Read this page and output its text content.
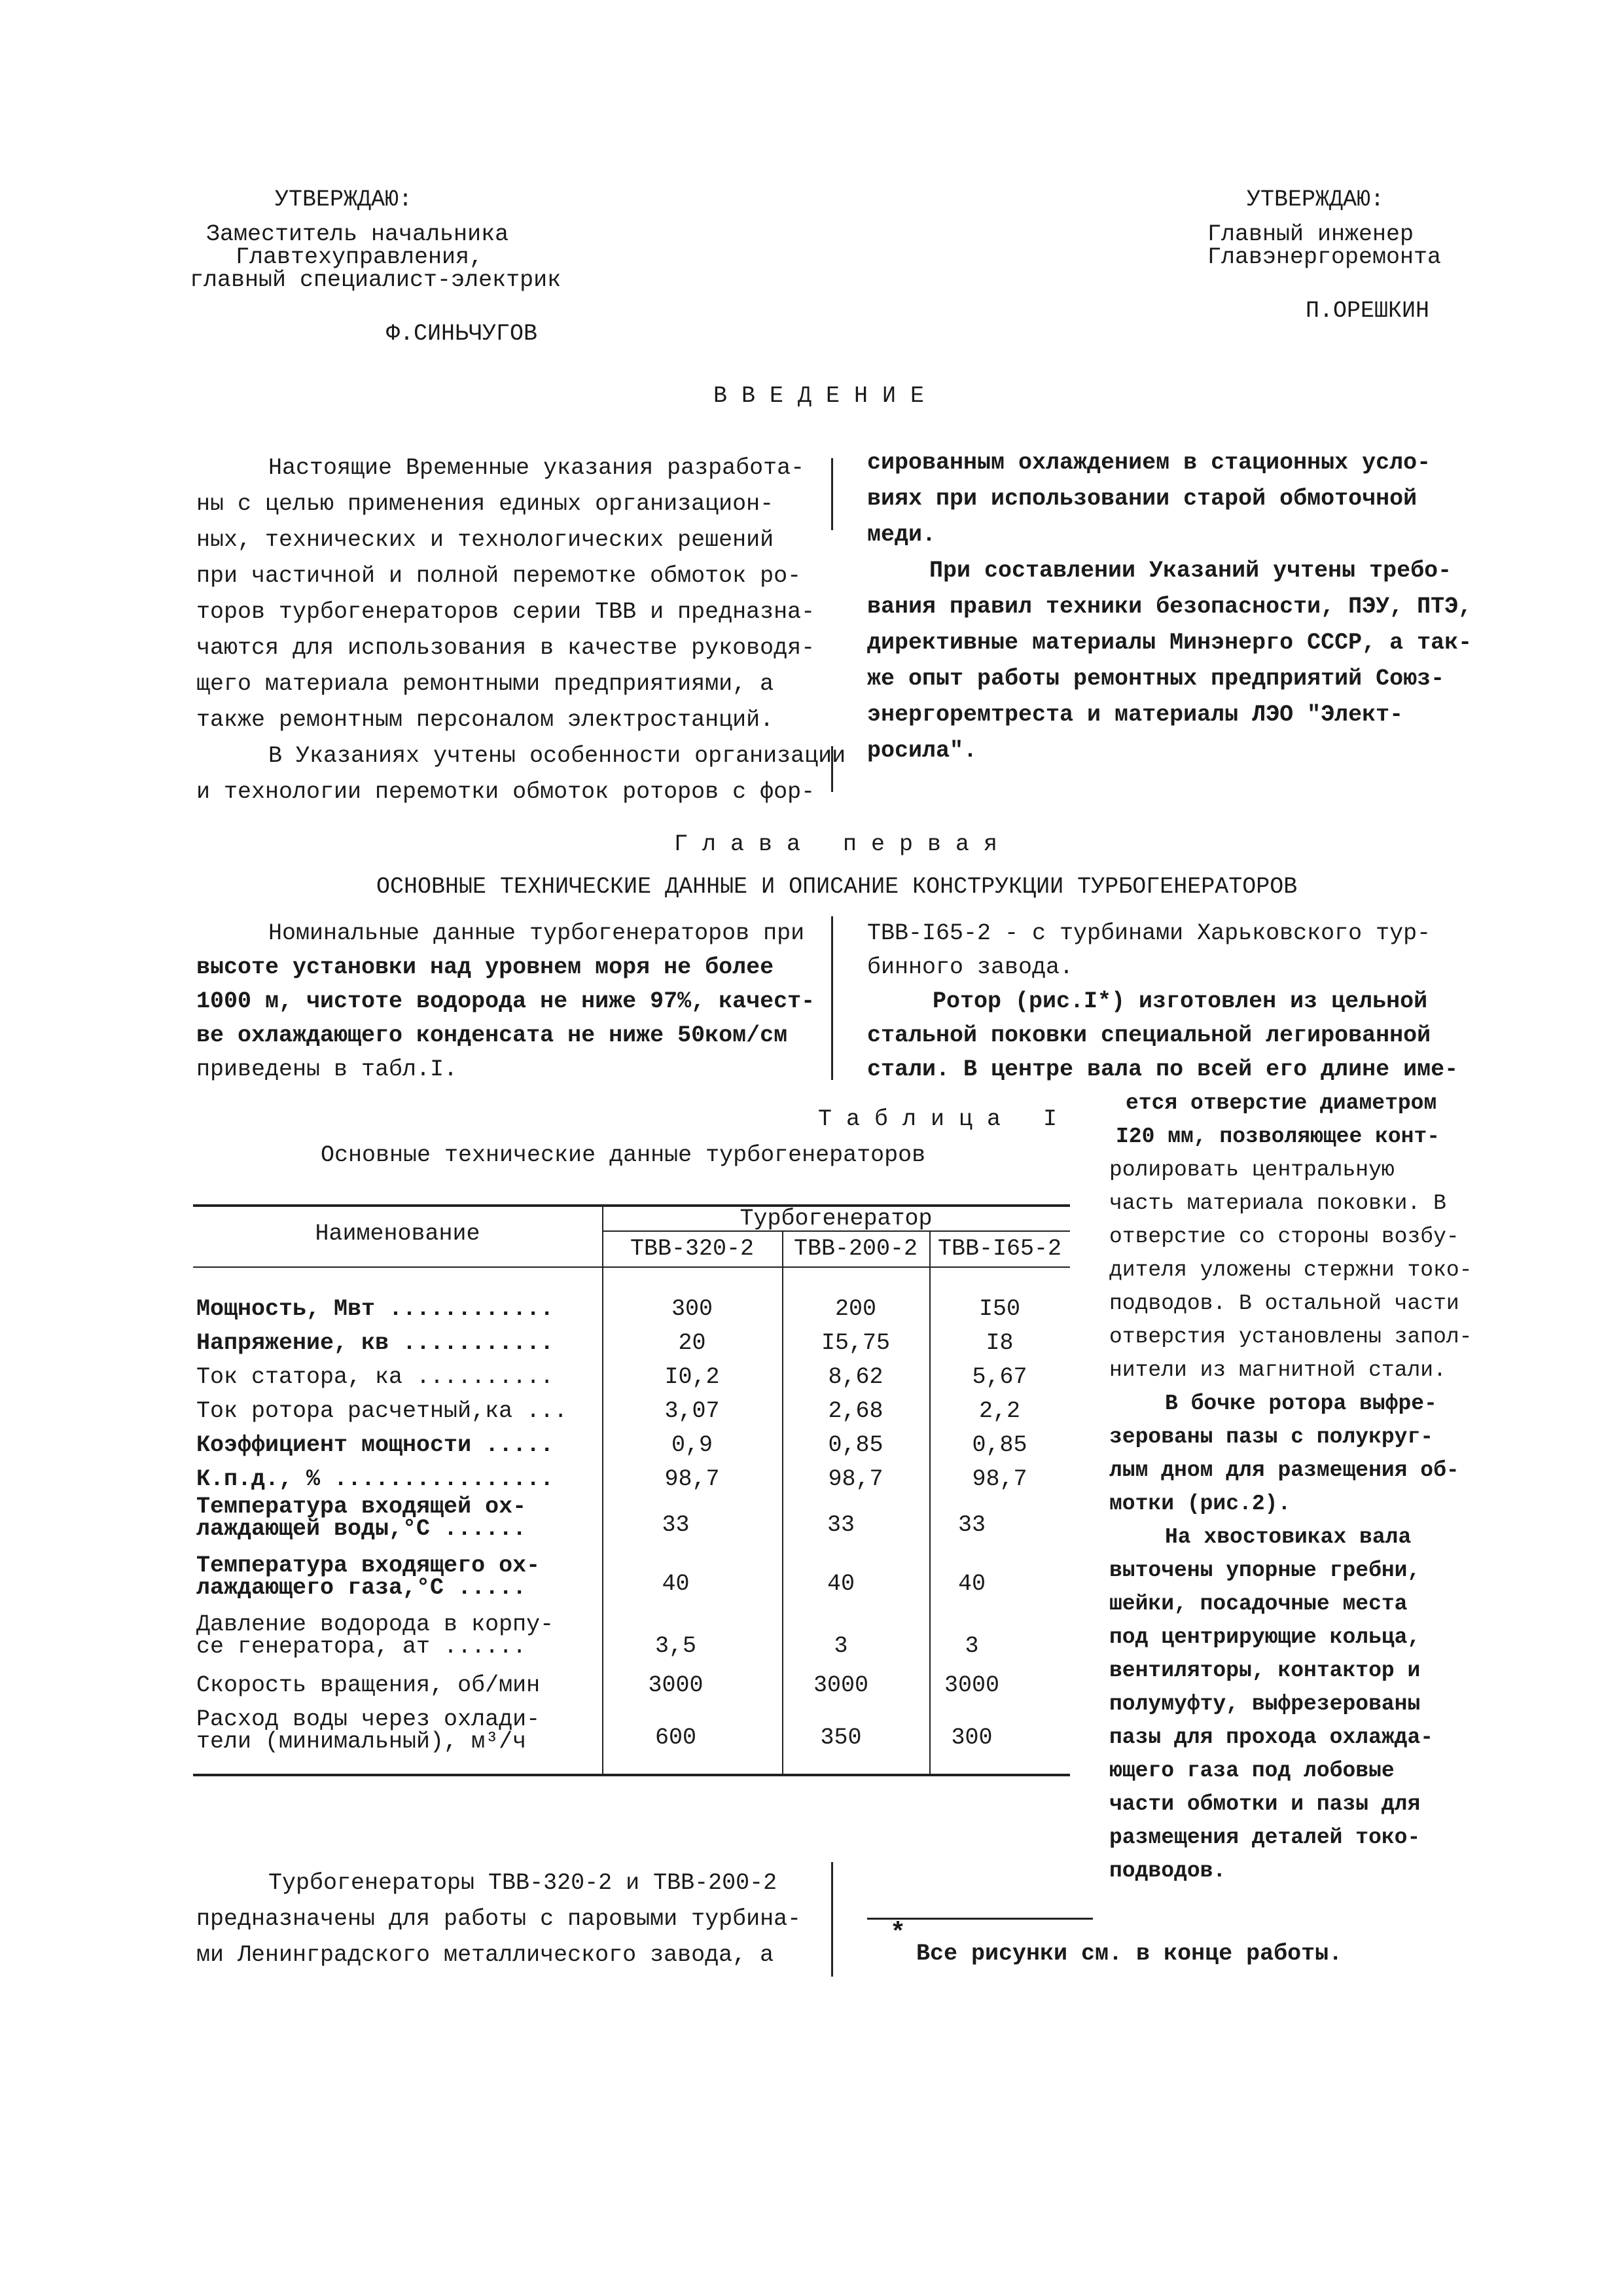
УТВЕРЖДАЮ:
Заместитель начальника
Главтехуправления,
главный специалист-электрик
Ф.СИНЬЧУГОВ
УТВЕРЖДАЮ:
Главный инженер
Главэнергоремонта
П.ОРЕШКИН
ВВЕДЕНИЕ
Настоящие Временные указания разработа-
ны с целью применения единых организацион-
ных, технических и технологических решений
при частичной и полной перемотке обмоток ро-
торов турбогенераторов серии ТВВ и предназна-
чаются для использования в качестве руководя-
щего материала ремонтными предприятиями, а
также ремонтным персоналом электростанций.
В Указаниях учтены особенности организации
и технологии перемотки обмоток роторов с фор-
сированным охлаждением в стационных усло-
виях при использовании старой обмоточной
меди.
При составлении Указаний учтены требо-
вания правил техники безопасности, ПЭУ, ПТЭ,
директивные материалы Минэнерго СССР, а так-
же опыт работы ремонтных предприятий Союз-
энергоремтреста и материалы ЛЭО "Элект-
росила".
Глава первая
ОСНОВНЫЕ ТЕХНИЧЕСКИЕ ДАННЫЕ И ОПИСАНИЕ КОНСТРУКЦИИ ТУРБОГЕНЕРАТОРОВ
Номинальные данные турбогенераторов при
высоте установки над уровнем моря не более
1000 м, чистоте водорода не ниже 97%, качест-
ве охлаждающего конденсата не ниже 50ком/см
приведены в табл.I.
ТВВ-I65-2 - с турбинами Харьковского тур-
бинного завода.
Ротор (рис.I*) изготовлен из цельной
стальной поковки специальной легированной
стали. В центре вала по всей его длине име-
ется отверстие диаметром
I20 мм, позволяющее конт-
ролировать центральную
часть материала поковки. В
отверстие со стороны возбу-
дителя уложены стержни токо-
подводов. В остальной части
отверстия установлены запол-
нители из магнитной стали.
В бочке ротора выфре-
зерованы пазы с полукруг-
лым дном для размещения об-
мотки (рис.2).
На хвостовиках вала
выточены упорные гребни,
шейки, посадочные места
под центрирующие кольца,
вентиляторы, контактор и
полумуфту, выфрезерованы
пазы для прохода охлажда-
ющего газа под лобовые
части обмотки и пазы для
размещения деталей токо-
подводов.
Таблица I
Основные технические данные турбогенераторов
Наименование
Турбогенератор
ТВВ-320-2	ТВВ-200-2 ТВВ-I65-2
Мощность, Мвт ............	300	200	I50
Напряжение, кв ...........	20	I5,75	I8
Ток статора, ка ..........	I0,2	8,62	5,67
Ток ротора расчетный,ка ...	3,07	2,68	2,2
Коэффициент мощности .....	0,9	0,85	0,85
К.п.д., % ................	98,7	98,7	98,7
Температура входящей ох-
лаждающей воды,°С ......	33	33	33
Температура входящего ох-
лаждающего газа,°С .....	40	40	40
Давление водорода в корпу-
се генератора, ат ......	3,5	3	3
Скорость вращения, об/мин	3000	3000	3000
Расход воды через охлади-
тели (минимальный), м³/ч	600	350	300
Турбогенераторы ТВВ-320-2 и ТВВ-200-2
предназначены для работы с паровыми турбина-
ми Ленинградского металлического завода, а
*
Все рисунки см. в конце работы.
